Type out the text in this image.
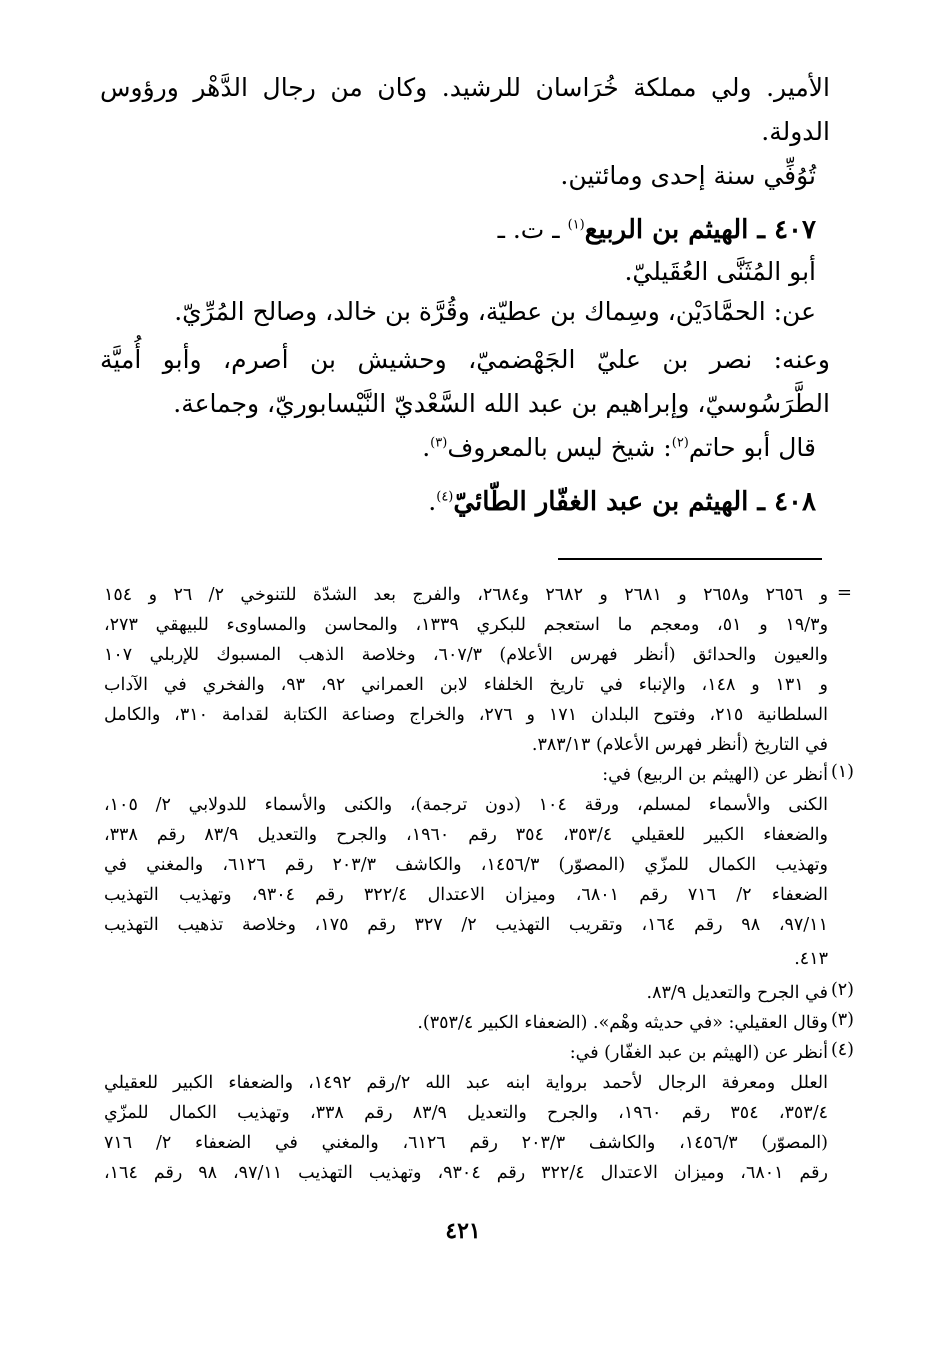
الأمير. ولي مملكة خُرَاسان للرشيد. وكان من رجال الدَّهْر ورؤوس
الدولة.
تُوُفِّي سنة إحدى ومائتين.
٤٠٧ ـ الهيثم بن الربيع$^{(١)}$ ـ ت. ـ
أبو المُثَنَّى العُقَيليّ.
عن: الحمَّادَيْن، وسِماك بن عطيّة، وقُرَّة بن خالد، وصالح المُرِّيّ.
وعنه: نصر بن عليّ الجَهْضميّ، وحشيش بن أصرم، وأبو أُميَّة
الطَّرَسُوسيّ، وإبراهيم بن عبد الله السَّعْديّ النَّيْسابوريّ، وجماعة.
قال أبو حاتم$^{(٢)}$: شيخ ليس بالمعروف$^{(٣)}$.
٤٠٨ ـ الهيثم بن عبد الغفّار الطّائيّ$^{(٤)}$.
=
و ٢٦٥٦ و٢٦٥٨ و ٢٦٨١ و ٢٦٨٢ و٢٦٨٤، والفرج بعد الشدّة للتنوخي ٢/ ٢٦ و ١٥٤
و١٩/٣ و ٥١، ومعجم ما استعجم للبكري ١٣٣٩، والمحاسن والمساوىء للبيهقي ٢٧٣،
والعيون والحدائق (أنظر فهرس الأعلام) ٦٠٧/٣، وخلاصة الذهب المسبوك للإربلي ١٠٧
و ١٣١ و ١٤٨، والإنباء في تاريخ الخلفاء لابن العمراني ٩٢، ٩٣، والفخري في الآداب
السلطانية ٢١٥، وفتوح البلدان ١٧١ و ٢٧٦، والخراج وصناعة الكتابة لقدامة ٣١٠، والكامل
في التاريخ (أنظر فهرس الأعلام) ٣٨٣/١٣.
(١)
أنظر عن (الهيثم بن الربيع) في:
الكنى والأسماء لمسلم، ورقة ١٠٤ (دون ترجمة)، والكنى والأسماء للدولابي ٢/ ١٠٥،
والضعفاء الكبير للعقيلي ٣٥٣/٤، ٣٥٤ رقم ١٩٦٠، والجرح والتعديل ٨٣/٩ رقم ٣٣٨،
وتهذيب الكمال للمزّي (المصوّر) ١٤٥٦/٣، والكاشف ٢٠٣/٣ رقم ٦١٢٦، والمغني في
الضعفاء ٢/ ٧١٦ رقم ٦٨٠١، وميزان الاعتدال ٣٢٢/٤ رقم ٩٣٠٤، وتهذيب التهذيب
٩٧/١١، ٩٨ رقم ١٦٤، وتقريب التهذيب ٢/ ٣٢٧ رقم ١٧٥، وخلاصة تذهيب التهذيب
٤١٣.
(٢)
في الجرح والتعديل ٨٣/٩.
(٣)
وقال العقيلي: «في حديثه وهْم». (الضعفاء الكبير ٣٥٣/٤).
(٤)
أنظر عن (الهيثم بن عبد الغفّار) في:
العلل ومعرفة الرجال لأحمد برواية ابنه عبد الله ٢/رقم ١٤٩٢، والضعفاء الكبير للعقيلي
٣٥٣/٤، ٣٥٤ رقم ١٩٦٠، والجرح والتعديل ٨٣/٩ رقم ٣٣٨، وتهذيب الكمال للمزّي
(المصوّر) ١٤٥٦/٣، والكاشف ٢٠٣/٣ رقم ٦١٢٦، والمغني في الضعفاء ٢/ ٧١٦
رقم ٦٨٠١، وميزان الاعتدال ٣٢٢/٤ رقم ٩٣٠٤، وتهذيب التهذيب ٩٧/١١، ٩٨ رقم ١٦٤،
٤٢١
